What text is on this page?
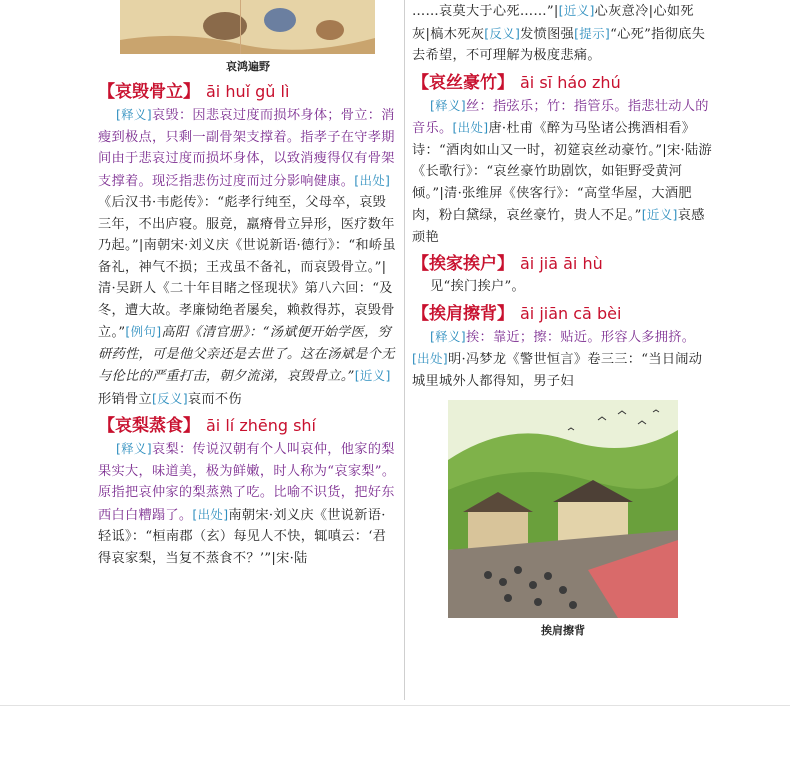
哀鸿遍野

【哀毁骨立】 āi huǐ gǔ lì

[释义]哀毁：因悲哀过度而损坏身体；骨立：消瘦到极点，只剩一副骨架支撑着。指孝子在守孝期间由于悲哀过度而损坏身体，以致消瘦得仅有骨架支撑着。现泛指悲伤过度而过分影响健康。[出处]《后汉书·韦彪传》：“彪孝行纯至，父母卒，哀毁三年，不出庐寝。服竟，羸瘠骨立异形，医疗数年乃起。”|南朝宋·刘义庆《世说新语·德行》：“和峤虽备礼，神气不损；王戎虽不备礼，而哀毁骨立。”|清·吴趼人《二十年目睹之怪现状》第八六回：“及冬，遭大故。孝廉恸绝者屡矣，赖救得苏，哀毁骨立。”[例句]高阳《清官册》：“汤斌便开始学医，穷研药性，可是他父亲还是去世了。这在汤斌是个无与伦比的严重打击，朝夕流涕，哀毁骨立。”[近义]形销骨立[反义]哀而不伤

【哀梨蒸食】 āi lí zhēng shí

[释义]哀梨：传说汉朝有个人叫哀仲，他家的梨果实大，味道美，极为鲜嫩，时人称为“哀家梨”。原指把哀仲家的梨蒸熟了吃。比喻不识货，把好东西白白糟蹋了。[出处]南朝宋·刘义庆《世说新语·轻诋》：“桓南郡（玄）每见人不快，辄嗔云：‘君得哀家梨，当复不蒸食不？’”|宋·陆

……哀莫大于心死……”|[近义]心灰意冷|心如死灰|槁木死灰[反义]发愤图强[提示]“心死”指彻底失去希望，不可理解为极度悲痛。

【哀丝豪竹】 āi sī háo zhú

[释义]丝：指弦乐；竹：指管乐。指悲壮动人的音乐。[出处]唐·杜甫《醉为马坠诸公携酒相看》诗：“酒肉如山又一时，初筵哀丝动豪竹。”|宋·陆游《长歌行》：“哀丝豪竹助剧饮，如钜野受黄河倾。”|清·张维屏《侠客行》：“高堂华屋，大酒肥肉，粉白黛绿，哀丝豪竹，贵人不足。”[近义]哀感顽艳

【挨家挨户】 āi jiā āi hù

见“挨门挨户”。

【挨肩擦背】 āi jiān cā bèi

[释义]挨：靠近；擦：贴近。形容人多拥挤。[出处]明·冯梦龙《警世恒言》卷三三：“当日闹动城里城外人都得知，男子妇

挨肩擦背
